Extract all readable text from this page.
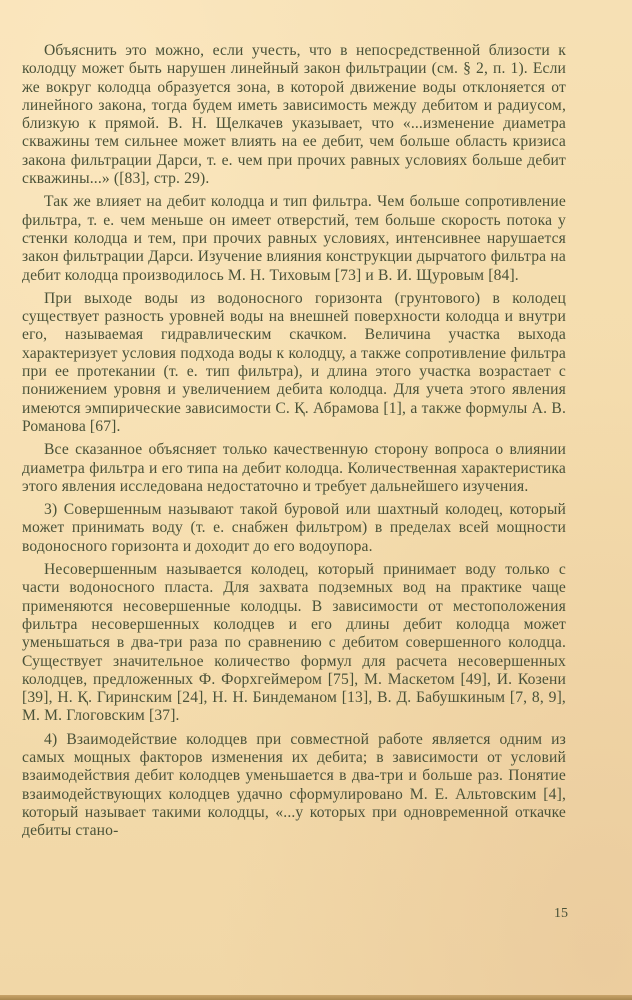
Объяснить это можно, если учесть, что в непосредственной близости к колодцу может быть нарушен линейный закон фильтрации (см. § 2, п. 1). Если же вокруг колодца образуется зона, в которой движение воды отклоняется от линейного закона, тогда будем иметь зависимость между дебитом и радиусом, близкую к прямой. В. Н. Щелкачев указывает, что «...изменение диаметра скважины тем сильнее может влиять на ее дебит, чем больше область кризиса закона фильтрации Дарси, т. е. чем при прочих равных условиях больше дебит скважины...» ([83], стр. 29).

Так же влияет на дебит колодца и тип фильтра. Чем больше сопротивление фильтра, т. е. чем меньше он имеет отверстий, тем больше скорость потока у стенки колодца и тем, при прочих равных условиях, интенсивнее нарушается закон фильтрации Дарси. Изучение влияния конструкции дырчатого фильтра на дебит колодца производилось М. Н. Тиховым [73] и В. И. Щуровым [84].

При выходе воды из водоносного горизонта (грунтового) в колодец существует разность уровней воды на внешней поверхности колодца и внутри его, называемая гидравлическим скачком. Величина участка выхода характеризует условия подхода воды к колодцу, а также сопротивление фильтра при ее протекании (т. е. тип фильтра), и длина этого участка возрастает с понижением уровня и увеличением дебита колодца. Для учета этого явления имеются эмпирические зависимости С. Қ. Абрамова [1], а также формулы А. В. Романова [67].

Все сказанное объясняет только качественную сторону вопроса о влиянии диаметра фильтра и его типа на дебит колодца. Количественная характеристика этого явления исследована недостаточно и требует дальнейшего изучения.

3) Совершенным называют такой буровой или шахтный колодец, который может принимать воду (т. е. снабжен фильтром) в пределах всей мощности водоносного горизонта и доходит до его водоупора.

Несовершенным называется колодец, который принимает воду только с части водоносного пласта. Для захвата подземных вод на практике чаще применяются несовершенные колодцы. В зависимости от местоположения фильтра несовершенных колодцев и его длины дебит колодца может уменьшаться в два-три раза по сравнению с дебитом совершенного колодца. Существует значительное количество формул для расчета несовершенных колодцев, предложенных Ф. Форхгеймером [75], М. Маскетом [49], И. Козени [39], Н. Қ. Гиринским [24], Н. Н. Биндеманом [13], В. Д. Бабушкиным [7, 8, 9], М. М. Глоговским [37].

4) Взаимодействие колодцев при совместной работе является одним из самых мощных факторов изменения их дебита; в зависимости от условий взаимодействия дебит колодцев уменьшается в два-три и больше раз. Понятие взаимодействующих колодцев удачно сформулировано М. Е. Альтовским [4], который называет такими колодцы, «...у которых при одновременной откачке дебиты стано-

15
